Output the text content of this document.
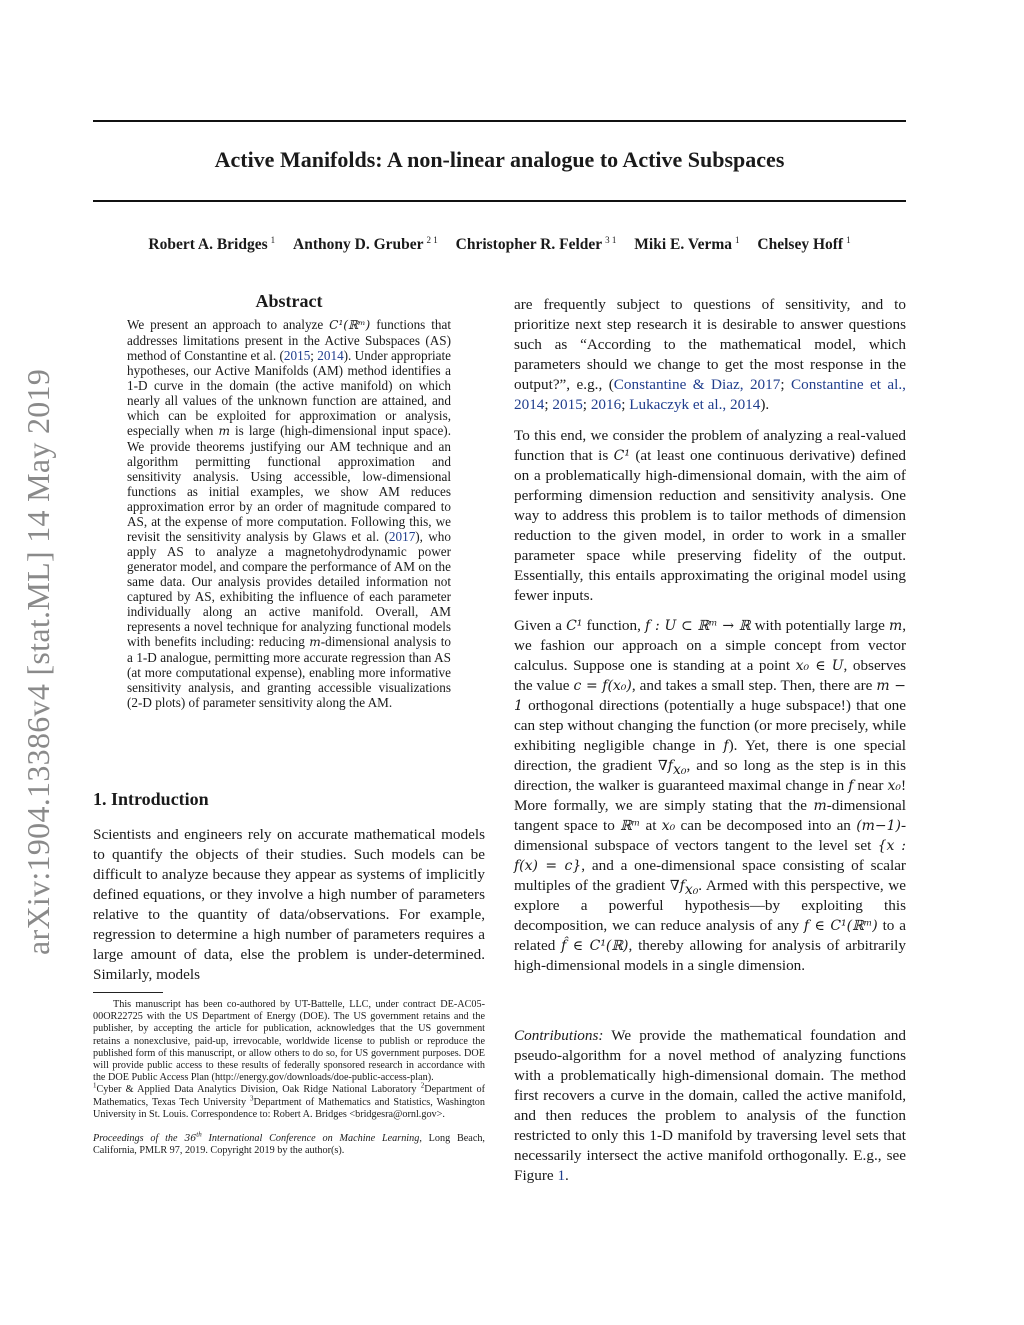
Active Manifolds: A non-linear analogue to Active Subspaces
Robert A. Bridges $^1$ Anthony D. Gruber $^{2 1}$ Christopher R. Felder $^{3 1}$ Miki E. Verma $^1$ Chelsey Hoff $^1$
arXiv:1904.13386v4 [stat.ML] 14 May 2019
Abstract

We present an approach to analyze C¹(ℝᵐ) functions that addresses limitations present in the Active Subspaces (AS) method of Constantine et al. (2015; 2014). Under appropriate hypotheses, our Active Manifolds (AM) method identifies a 1-D curve in the domain (the active manifold) on which nearly all values of the unknown function are attained, and which can be exploited for approximation or analysis, especially when m is large (high-dimensional input space). We provide theorems justifying our AM technique and an algorithm permitting functional approximation and sensitivity analysis. Using accessible, low-dimensional functions as initial examples, we show AM reduces approximation error by an order of magnitude compared to AS, at the expense of more computation. Following this, we revisit the sensitivity analysis by Glaws et al. (2017), who apply AS to analyze a magnetohydrodynamic power generator model, and compare the performance of AM on the same data. Our analysis provides detailed information not captured by AS, exhibiting the influence of each parameter individually along an active manifold. Overall, AM represents a novel technique for analyzing functional models with benefits including: reducing m-dimensional analysis to a 1-D analogue, permitting more accurate regression than AS (at more computational expense), enabling more informative sensitivity analysis, and granting accessible visualizations (2-D plots) of parameter sensitivity along the AM.

1. Introduction

Scientists and engineers rely on accurate mathematical models to quantify the objects of their studies. Such models can be difficult to analyze because they appear as systems of implicitly defined equations, or they involve a high number of parameters relative to the quantity of data/observations. For example, regression to determine a high number of parameters requires a large amount of data, else the problem is under-determined. Similarly, models

This manuscript has been co-authored by UT-Battelle, LLC, under contract DE-AC05-00OR22725 with the US Department of Energy (DOE). The US government retains and the publisher, by accepting the article for publication, acknowledges that the US government retains a nonexclusive, paid-up, irrevocable, worldwide license to publish or reproduce the published form of this manuscript, or allow others to do so, for US government purposes. DOE will provide public access to these results of federally sponsored research in accordance with the DOE Public Access Plan (http://energy.gov/downloads/doe-public-access-plan).

$^1$Cyber & Applied Data Analytics Division, Oak Ridge National Laboratory $^2$Department of Mathematics, Texas Tech University $^3$Department of Mathematics and Statistics, Washington University in St. Louis. Correspondence to: Robert A. Bridges <bridgesra@ornl.gov>.

Proceedings of the 36th International Conference on Machine Learning, Long Beach, California, PMLR 97, 2019. Copyright 2019 by the author(s).

are frequently subject to questions of sensitivity, and to prioritize next step research it is desirable to answer questions such as “According to the mathematical model, which parameters should we change to get the most response in the output?”, e.g., (Constantine & Diaz, 2017; Constantine et al., 2014; 2015; 2016; Lukaczyk et al., 2014).

To this end, we consider the problem of analyzing a real-valued function that is C¹ (at least one continuous derivative) defined on a problematically high-dimensional domain, with the aim of performing dimension reduction and sensitivity analysis. One way to address this problem is to tailor methods of dimension reduction to the given model, in order to work in a smaller parameter space while preserving fidelity of the output. Essentially, this entails approximating the original model using fewer inputs.

Given a C¹ function, f : U ⊂ ℝᵐ → ℝ with potentially large m, we fashion our approach on a simple concept from vector calculus. Suppose one is standing at a point x₀ ∈ U, observes the value c = f(x₀), and takes a small step. Then, there are m − 1 orthogonal directions (potentially a huge subspace!) that one can step without changing the function (or more precisely, while exhibiting negligible change in f). Yet, there is one special direction, the gradient $\nabla f_{x_0}$, and so long as the step is in this direction, the walker is guaranteed maximal change in f near x₀! More formally, we are simply stating that the m-dimensional tangent space to ℝᵐ at x₀ can be decomposed into an (m−1)-dimensional subspace of vectors tangent to the level set {x : f(x) = c}, and a one-dimensional space consisting of scalar multiples of the gradient $\nabla f_{x_0}$. Armed with this perspective, we explore a powerful hypothesis—by exploiting this decomposition, we can reduce analysis of any f ∈ C¹(ℝᵐ) to a related f̂ ∈ C¹(ℝ), thereby allowing for analysis of arbitrarily high-dimensional models in a single dimension.

Contributions: We provide the mathematical foundation and pseudo-algorithm for a novel method of analyzing functions with a problematically high-dimensional domain. The method first recovers a curve in the domain, called the active manifold, and then reduces the problem to analysis of the function restricted to only this 1-D manifold by traversing level sets that necessarily intersect the active manifold orthogonally. E.g., see Figure 1.
